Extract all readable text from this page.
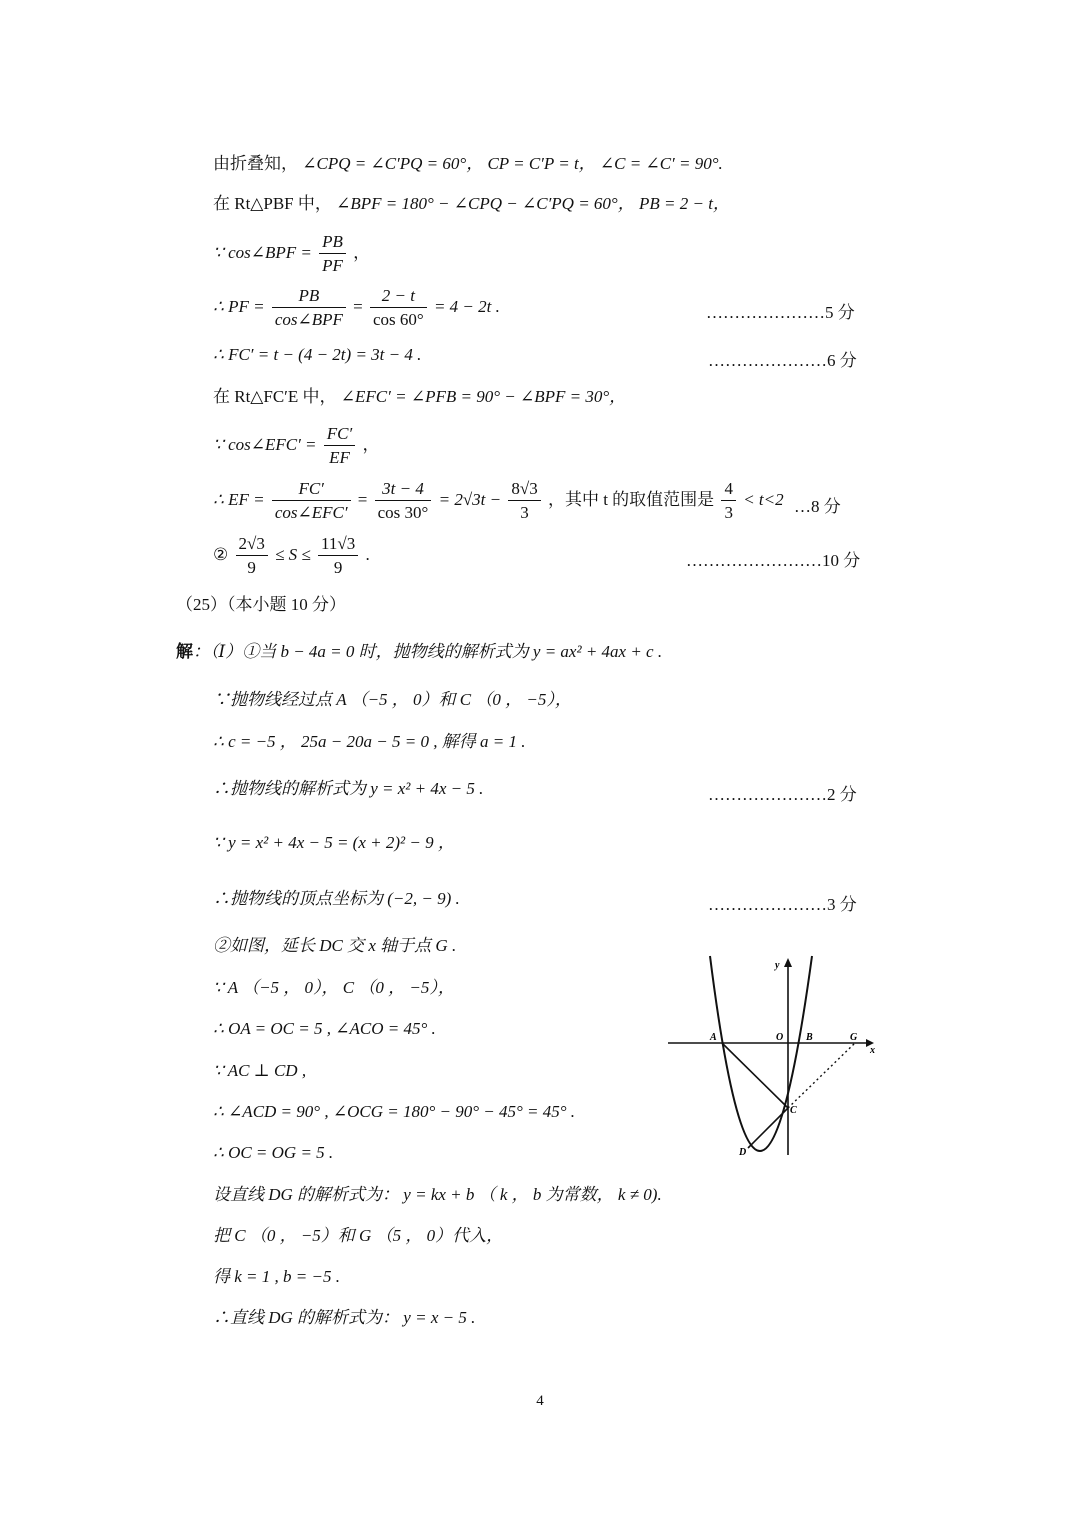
由折叠知， ∠CPQ = ∠C′PQ = 60°， CP = C′P = t， ∠C = ∠C′ = 90°.
在 Rt△PBF 中， ∠BPF = 180° − ∠CPQ − ∠C′PQ = 60°， PB = 2 − t，
∵ cos∠BPF = $\frac{PB}{PF}$ ，
∴ PF = $\frac{PB}{\text{cos∠BPF}} = \frac{2 - t}{\cos 60^\circ} = 4 - 2t$ .	…………………5 分
∴ FC′ = t − (4 − 2t) = 3t − 4 .	…………………6 分
在 Rt△FC′E 中， ∠EFC′ = ∠PFB = 90° − ∠BPF = 30°，
∵ cos∠EFC′ = $\frac{FC'}{EF}$ ，
∴ EF = $\frac{FC'}{\text{cos∠EFC′}} = \frac{3t - 4}{\cos 30^\circ} = 2√3t - \frac{8√3}{3}$ ，其中 t 的取值范围是 $\frac{4}{3} < t<2$ …8 分
② $\frac{2√3}{9} \le S \le \frac{11√3}{9}$ .	……………………10 分
（25）（本小题 10 分）
解：（Ⅰ）①当 b − 4a = 0 时，抛物线的解析式为 y = ax² + 4ax + c .
∵抛物线经过点 A （−5 ， 0）和 C （0 ， −5），
∴ c = −5 ， 25a − 20a − 5 = 0 , 解得 a = 1 .
∴抛物线的解析式为 y = x² + 4x − 5 .	…………………2 分
∵ y = x² + 4x − 5 = (x + 2)² − 9 ，
∴抛物线的顶点坐标为 (−2, − 9) .	…………………3 分
②如图，延长 DC 交 x 轴于点 G .
∵ A （−5 ， 0）， C （0 ， −5），
∴ OA = OC = 5 , ∠ACO = 45° .
∵ AC ⊥ CD ,
∴ ∠ACD = 90° , ∠OCG = 180° − 90° − 45° = 45° .
∴ OC = OG = 5 .
设直线 DG 的解析式为： y = kx + b （ k ， b 为常数， k ≠ 0).
把 C （0 ， −5）和 G （5 ， 0）代入，
得 k = 1 , b = −5 .
∴直线 DG 的解析式为： y = x − 5 .
y
x
A	O B	G
C
D
4
